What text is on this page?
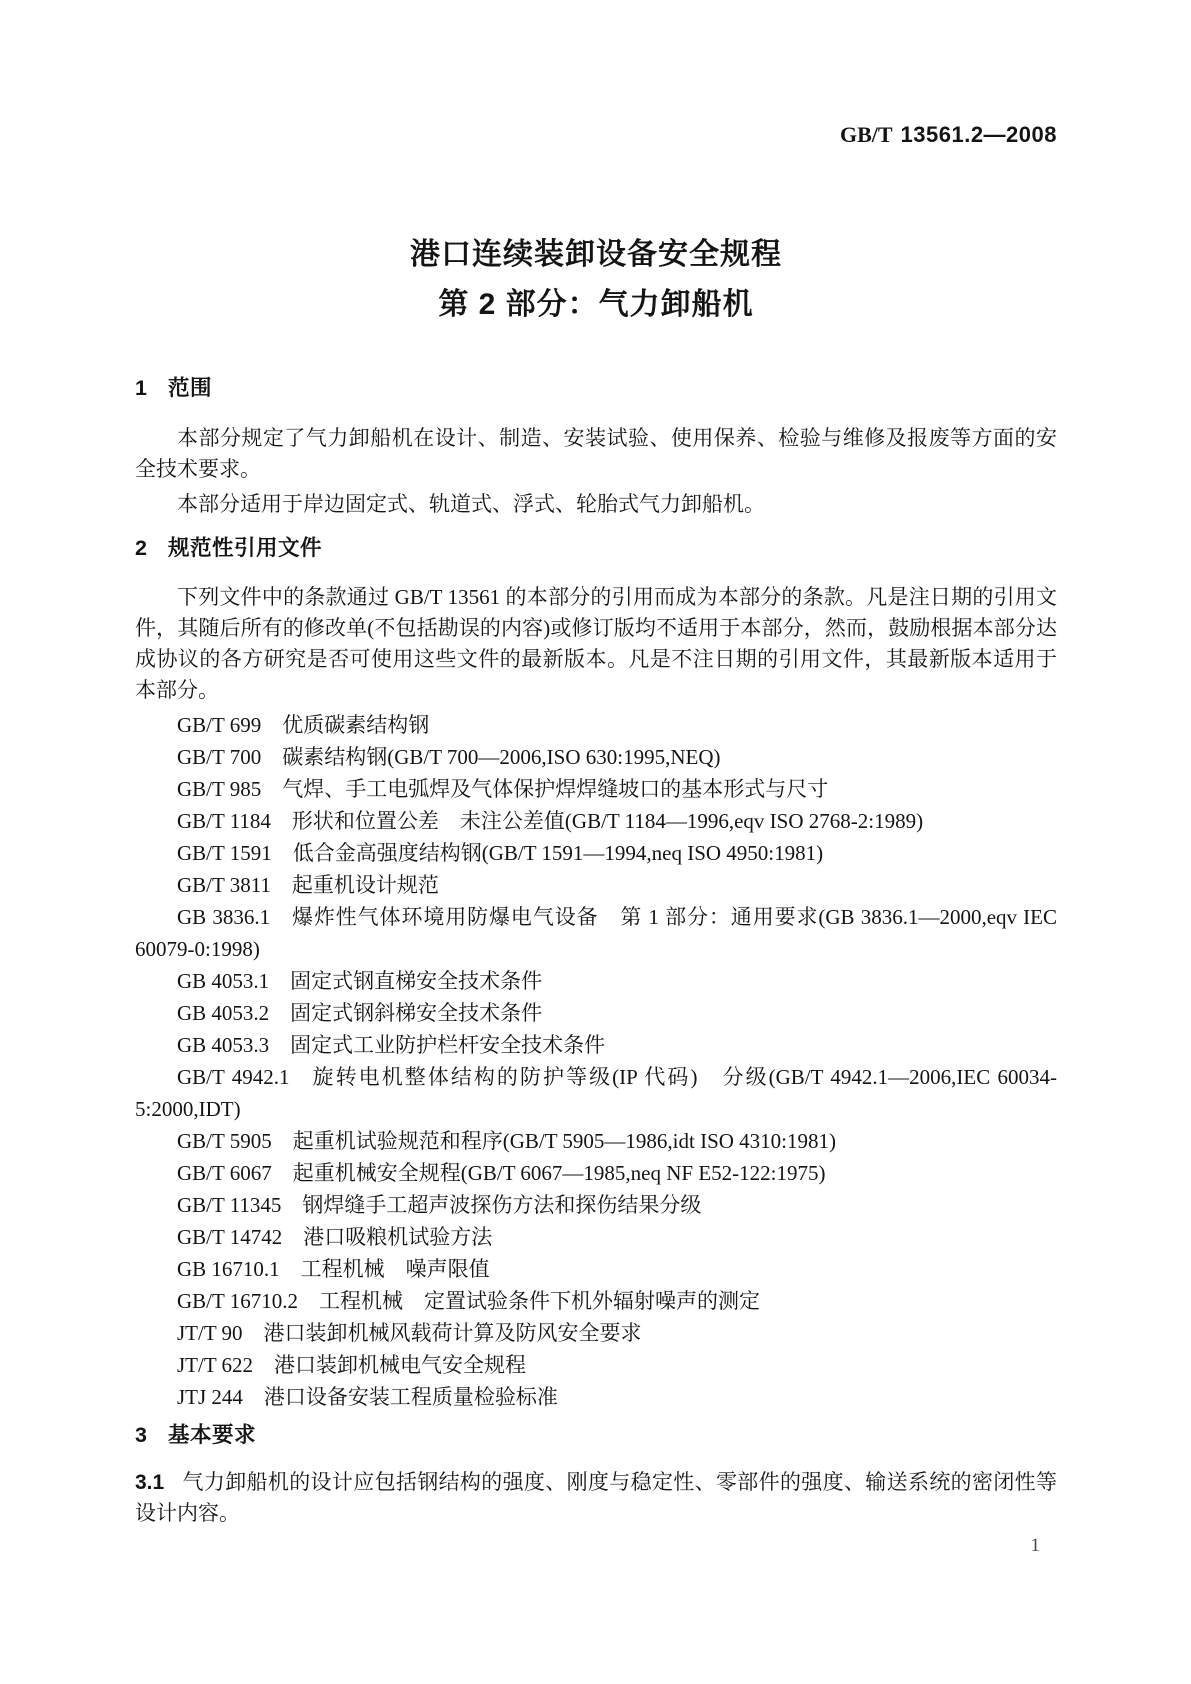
GB/T 13561.2—2008
港口连续装卸设备安全规程
第 2 部分：气力卸船机
1 范围

本部分规定了气力卸船机在设计、制造、安装试验、使用保养、检验与维修及报废等方面的安全技术要求。

本部分适用于岸边固定式、轨道式、浮式、轮胎式气力卸船机。

2 规范性引用文件

下列文件中的条款通过 GB/T 13561 的本部分的引用而成为本部分的条款。凡是注日期的引用文件，其随后所有的修改单(不包括勘误的内容)或修订版均不适用于本部分，然而，鼓励根据本部分达成协议的各方研究是否可使用这些文件的最新版本。凡是不注日期的引用文件，其最新版本适用于本部分。

GB/T 699  优质碳素结构钢

GB/T 700  碳素结构钢(GB/T 700—2006,ISO 630:1995,NEQ)

GB/T 985  气焊、手工电弧焊及气体保护焊焊缝坡口的基本形式与尺寸

GB/T 1184  形状和位置公差　未注公差值(GB/T 1184—1996,eqv ISO 2768-2:1989)

GB/T 1591  低合金高强度结构钢(GB/T 1591—1994,neq ISO 4950:1981)

GB/T 3811  起重机设计规范

GB 3836.1  爆炸性气体环境用防爆电气设备　第 1 部分：通用要求(GB 3836.1—2000,eqv IEC 60079-0:1998)

GB 4053.1  固定式钢直梯安全技术条件

GB 4053.2  固定式钢斜梯安全技术条件

GB 4053.3  固定式工业防护栏杆安全技术条件

GB/T 4942.1  旋转电机整体结构的防护等级(IP 代码)　分级(GB/T 4942.1—2006,IEC 60034-5:2000,IDT)

GB/T 5905  起重机试验规范和程序(GB/T 5905—1986,idt ISO 4310:1981)

GB/T 6067  起重机械安全规程(GB/T 6067—1985,neq NF E52-122:1975)

GB/T 11345  钢焊缝手工超声波探伤方法和探伤结果分级

GB/T 14742  港口吸粮机试验方法

GB 16710.1  工程机械　噪声限值

GB/T 16710.2  工程机械　定置试验条件下机外辐射噪声的测定

JT/T 90  港口装卸机械风载荷计算及防风安全要求

JT/T 622  港口装卸机械电气安全规程

JTJ 244  港口设备安装工程质量检验标准

3 基本要求

3.1 气力卸船机的设计应包括钢结构的强度、刚度与稳定性、零部件的强度、输送系统的密闭性等设计内容。

1
